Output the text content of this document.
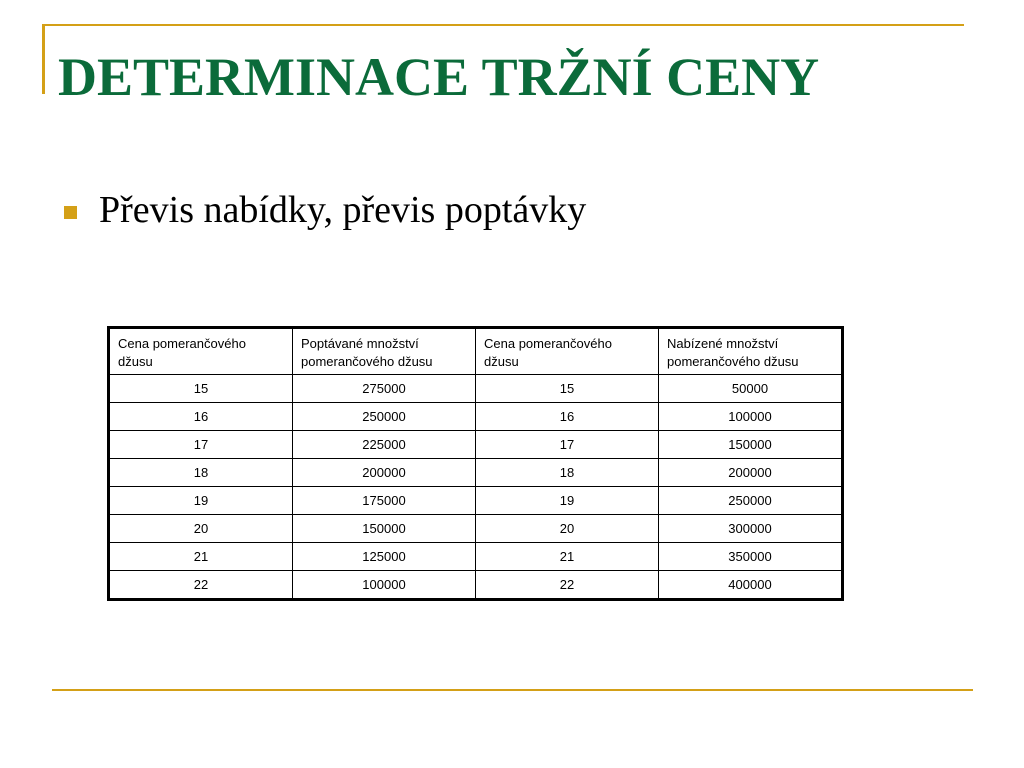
DETERMINACE TRŽNÍ CENY
Převis nabídky, převis poptávky
Cena pomerančového džusu	Poptávané množství pomerančového džusu	Cena pomerančového džusu	Nabízené množství pomerančového džusu
15	275000	15	50000
16	250000	16	100000
17	225000	17	150000
18	200000	18	200000
19	175000	19	250000
20	150000	20	300000
21	125000	21	350000
22	100000	22	400000
